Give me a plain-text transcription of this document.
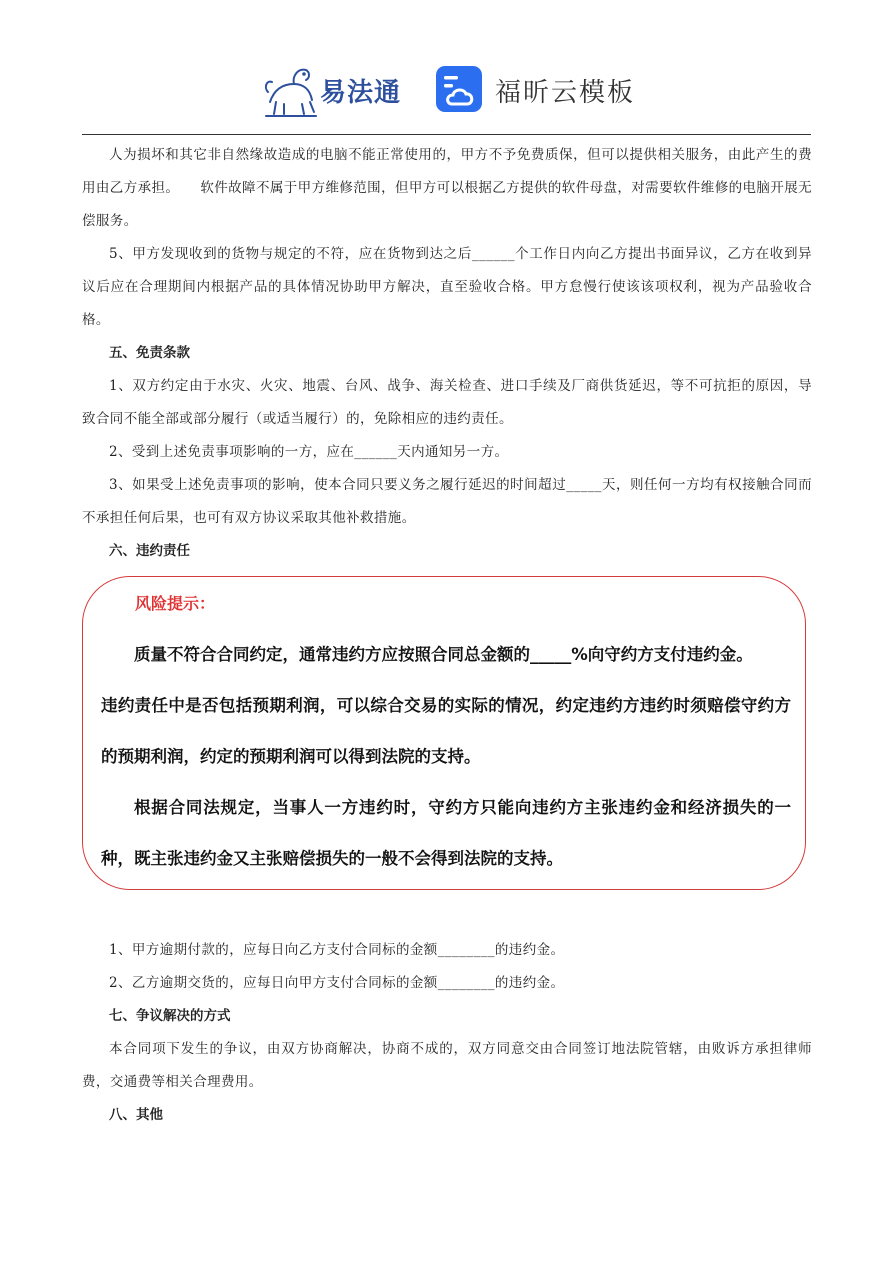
易法通	福昕云模板

人为损坏和其它非自然缘故造成的电脑不能正常使用的，甲方不予免费质保，但可以提供相关服务，由此产生的费用由乙方承担。　　软件故障不属于甲方维修范围，但甲方可以根据乙方提供的软件母盘，对需要软件维修的电脑开展无偿服务。

5、甲方发现收到的货物与规定的不符，应在货物到达之后______个工作日内向乙方提出书面异议，乙方在收到异议后应在合理期间内根据产品的具体情况协助甲方解决，直至验收合格。甲方怠慢行使该该项权利，视为产品验收合格。

五、免责条款

1、双方约定由于水灾、火灾、地震、台风、战争、海关检查、进口手续及厂商供货延迟，等不可抗拒的原因，导致合同不能全部或部分履行（或适当履行）的，免除相应的违约责任。

2、受到上述免责事项影响的一方，应在______天内通知另一方。

3、如果受上述免责事项的影响，使本合同只要义务之履行延迟的时间超过_____天，则任何一方均有权接触合同而不承担任何后果，也可有双方协议采取其他补救措施。

六、违约责任

风险提示：

质量不符合合同约定，通常违约方应按照合同总金额的_____%向守约方支付违约金。

违约责任中是否包括预期利润，可以综合交易的实际的情况，约定违约方违约时须赔偿守约方的预期利润，约定的预期利润可以得到法院的支持。

根据合同法规定，当事人一方违约时，守约方只能向违约方主张违约金和经济损失的一种，既主张违约金又主张赔偿损失的一般不会得到法院的支持。

1、甲方逾期付款的，应每日向乙方支付合同标的金额________的违约金。

2、乙方逾期交货的，应每日向甲方支付合同标的金额________的违约金。

七、争议解决的方式

本合同项下发生的争议，由双方协商解决，协商不成的，双方同意交由合同签订地法院管辖，由败诉方承担律师费，交通费等相关合理费用。

八、其他
